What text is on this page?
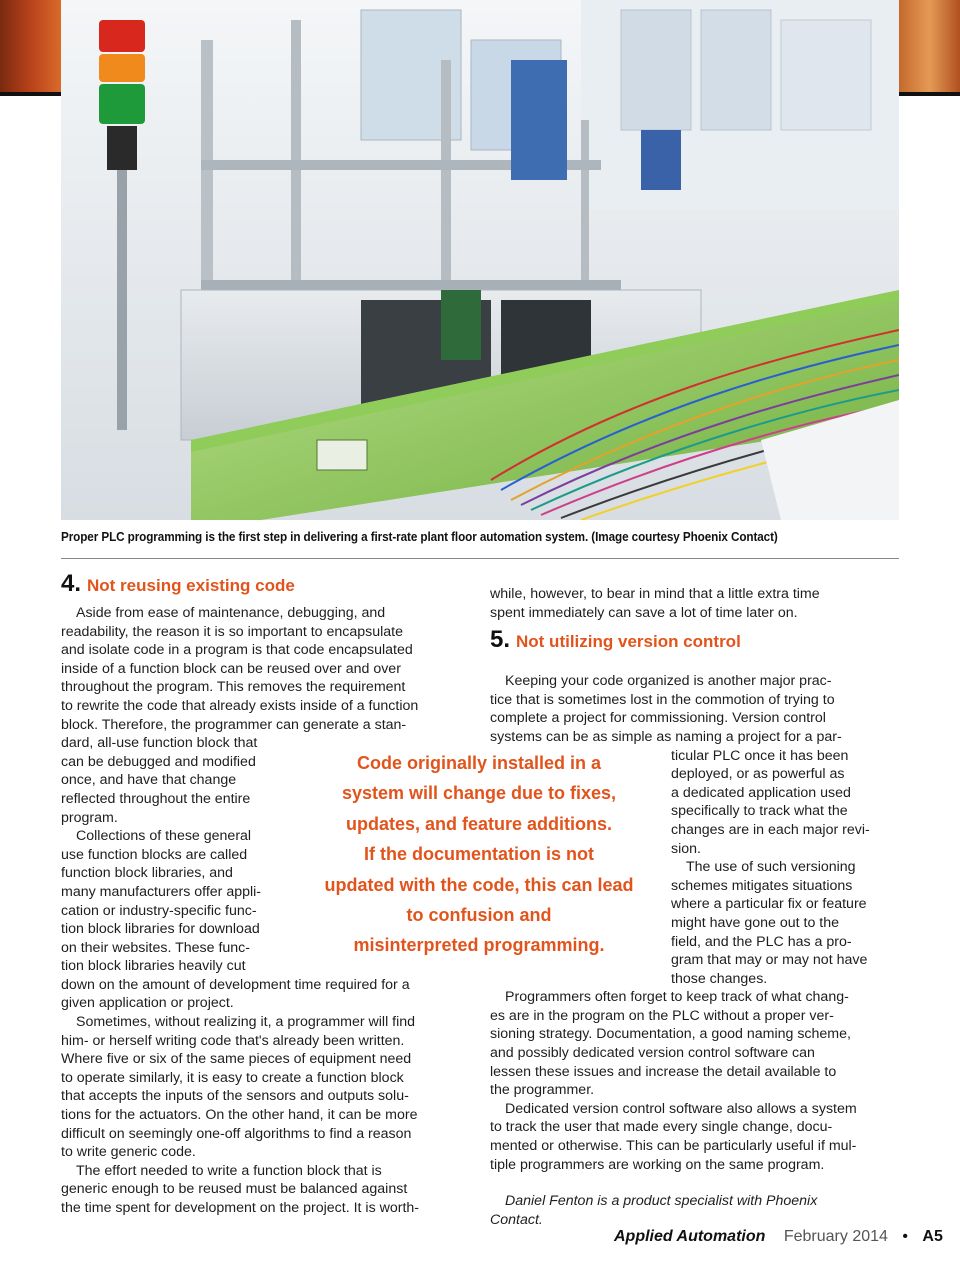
Proper PLC programming is the first step in delivering a first-rate plant floor automation system. (Image courtesy Phoenix Contact)
4. Not reusing existing code
Aside from ease of maintenance, debugging, and
readability, the reason it is so important to encapsulate
and isolate code in a program is that code encapsulated
inside of a function block can be reused over and over
throughout the program. This removes the requirement
to rewrite the code that already exists inside of a function
block. Therefore, the programmer can generate a stan-
dard, all-use function block that
can be debugged and modified
once, and have that change
reflected throughout the entire
program.
Collections of these general
use function blocks are called
function block libraries, and
many manufacturers offer appli-
cation or industry-specific func-
tion block libraries for download
on their websites. These func-
tion block libraries heavily cut
down on the amount of development time required for a
given application or project.
Sometimes, without realizing it, a programmer will find
him- or herself writing code that's already been written.
Where five or six of the same pieces of equipment need
to operate similarly, it is easy to create a function block
that accepts the inputs of the sensors and outputs solu-
tions for the actuators. On the other hand, it can be more
difficult on seemingly one-off algorithms to find a reason
to write generic code.
The effort needed to write a function block that is
generic enough to be reused must be balanced against
the time spent for development on the project. It is worth-
while, however, to bear in mind that a little extra time
spent immediately can save a lot of time later on.
Keeping your code organized is another major prac-
tice that is sometimes lost in the commotion of trying to
complete a project for commissioning. Version control
systems can be as simple as naming a project for a par-
ticular PLC once it has been
deployed, or as powerful as
a dedicated application used
specifically to track what the
changes are in each major revi-
sion.
The use of such versioning
schemes mitigates situations
where a particular fix or feature
might have gone out to the
field, and the PLC has a pro-
gram that may or may not have
those changes.
Programmers often forget to keep track of what chang-
es are in the program on the PLC without a proper ver-
sioning strategy. Documentation, a good naming scheme,
and possibly dedicated version control software can
lessen these issues and increase the detail available to
the programmer.
Dedicated version control software also allows a system
to track the user that made every single change, docu-
mented or otherwise. This can be particularly useful if mul-
tiple programmers are working on the same program.
Daniel Fenton is a product specialist with Phoenix
Contact.
5. Not utilizing version control
Code originally installed in a
system will change due to fixes,
updates, and feature additions.
If the documentation is not
updated with the code, this can lead
to confusion and
misinterpreted programming.
Applied Automation February 2014 • A5
